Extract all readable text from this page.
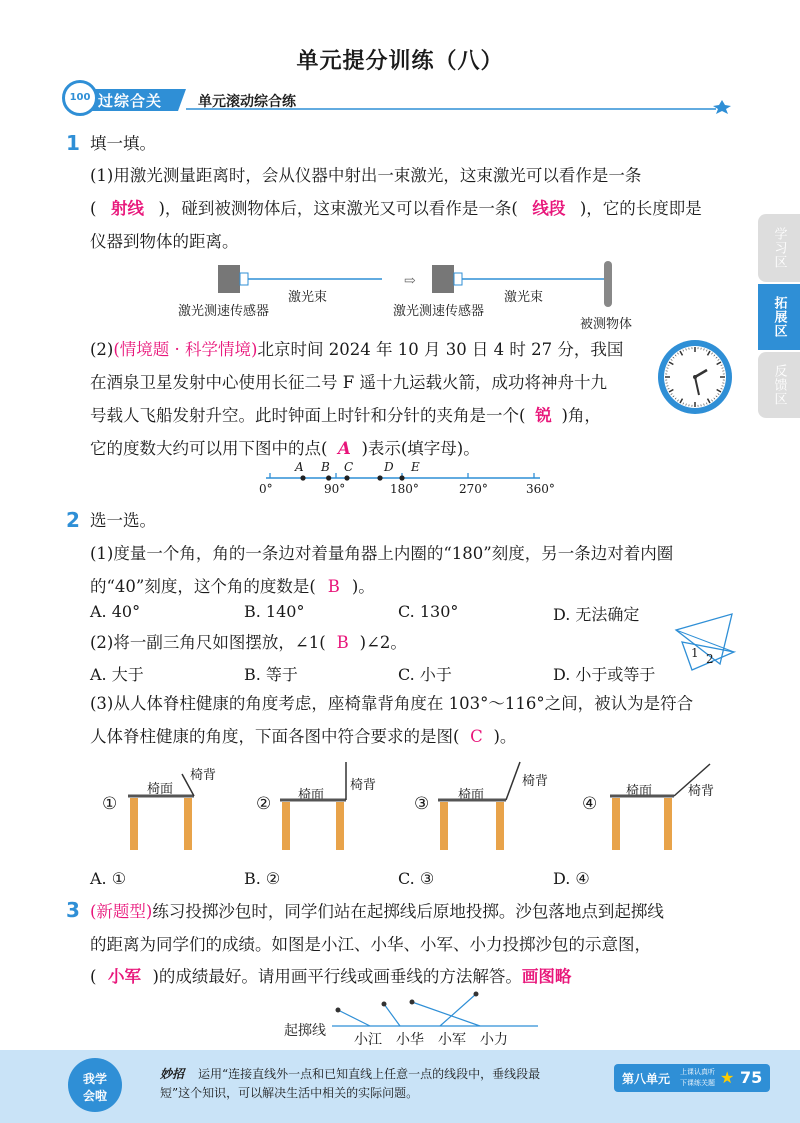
单元提分训练（八）
100 过综合关	单元滚动综合练
学习区
拓展区
反馈区
1 填一填。
(1)用激光测量距离时，会从仪器中射出一束激光，这束激光可以看作是一条
( 射线 )，碰到被测物体后，这束激光又可以看作是一条( 线段 )，它的长度即是
仪器到物体的距离。
⇨
激光测速传感器
激光束
激光测速传感器
激光束
被测物体
(2)(情境题 · 科学情境)北京时间 2024 年 10 月 30 日 4 时 27 分，我国
在酒泉卫星发射中心使用长征二号 F 遥十九运载火箭，成功将神舟十九
号载人飞船发射升空。此时钟面上时针和分针的夹角是一个( 锐 )角，
它的度数大约可以用下图中的点( A )表示(填字母)。
0°	90°	180°	270°	360°
A B C	D E
2 选一选。
(1)度量一个角，角的一条边对着量角器上内圈的“180”刻度，另一条边对着内圈
的“40”刻度，这个角的度数是( B )。
A. 40°	B. 140°	C. 130°	D. 无法确定
(2)将一副三角尺如图摆放，∠1( B )∠2。
A. 大于	B. 等于	C. 小于	D. 小于或等于
1 2
(3)从人体脊柱健康的角度考虑，座椅靠背角度在 103°～116°之间，被认为是符合
人体脊柱健康的角度，下面各图中符合要求的是图( C )。
①
椅面
椅背
② 椅面
椅背
③ 椅面
椅背
④
椅面	椅背
A. ①	B. ②	C. ③	D. ④
3 (新题型)练习投掷沙包时，同学们站在起掷线后原地投掷。沙包落地点到起掷线
的距离为同学们的成绩。如图是小江、小华、小军、小力投掷沙包的示意图，
( 小军 )的成绩最好。请用画平行线或画垂线的方法解答。画图略
起掷线
小江 小华 小军 小力
我学
会啦
妙招 运用“连接直线外一点和已知直线上任意一点的线段中，垂线段最
短”这个知识，可以解决生活中相关的实际问题。
第八单元 上课认真听
下课练关题 ★ 75
